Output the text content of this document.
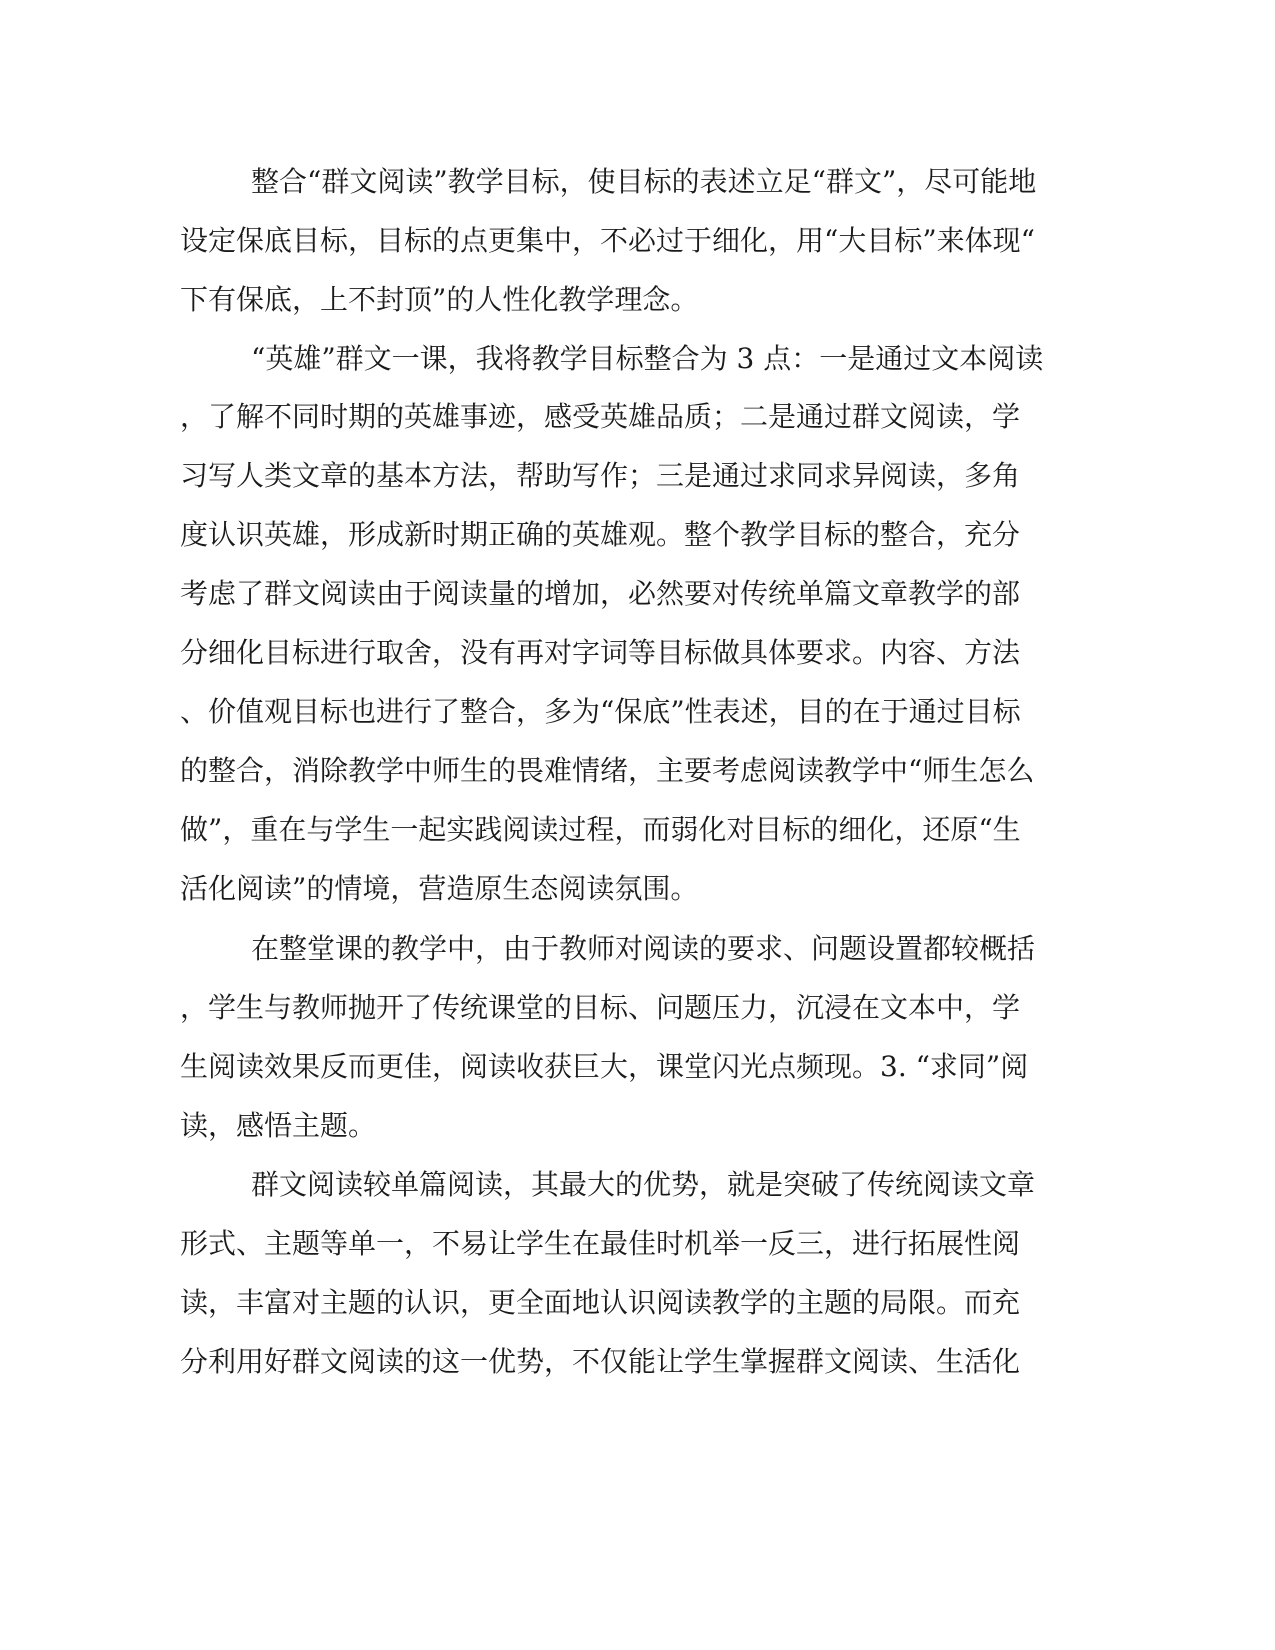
整合“群文阅读”教学目标，使目标的表述立足“群文”，尽可能地
设定保底目标，目标的点更集中，不必过于细化，用“大目标”来体现“
下有保底，上不封顶”的人性化教学理念。
“英雄”群文一课，我将教学目标整合为 3 点：一是通过文本阅读
，了解不同时期的英雄事迹，感受英雄品质；二是通过群文阅读，学
习写人类文章的基本方法，帮助写作；三是通过求同求异阅读，多角
度认识英雄，形成新时期正确的英雄观。整个教学目标的整合，充分
考虑了群文阅读由于阅读量的增加，必然要对传统单篇文章教学的部
分细化目标进行取舍，没有再对字词等目标做具体要求。内容、方法
、价值观目标也进行了整合，多为“保底”性表述，目的在于通过目标
的整合，消除教学中师生的畏难情绪，主要考虑阅读教学中“师生怎么
做”，重在与学生一起实践阅读过程，而弱化对目标的细化，还原“生
活化阅读”的情境，营造原生态阅读氛围。
在整堂课的教学中，由于教师对阅读的要求、问题设置都较概括
，学生与教师抛开了传统课堂的目标、问题压力，沉浸在文本中，学
生阅读效果反而更佳，阅读收获巨大，课堂闪光点频现。3. “求同”阅
读，感悟主题。
群文阅读较单篇阅读，其最大的优势，就是突破了传统阅读文章
形式、主题等单一，不易让学生在最佳时机举一反三，进行拓展性阅
读，丰富对主题的认识，更全面地认识阅读教学的主题的局限。而充
分利用好群文阅读的这一优势，不仅能让学生掌握群文阅读、生活化
